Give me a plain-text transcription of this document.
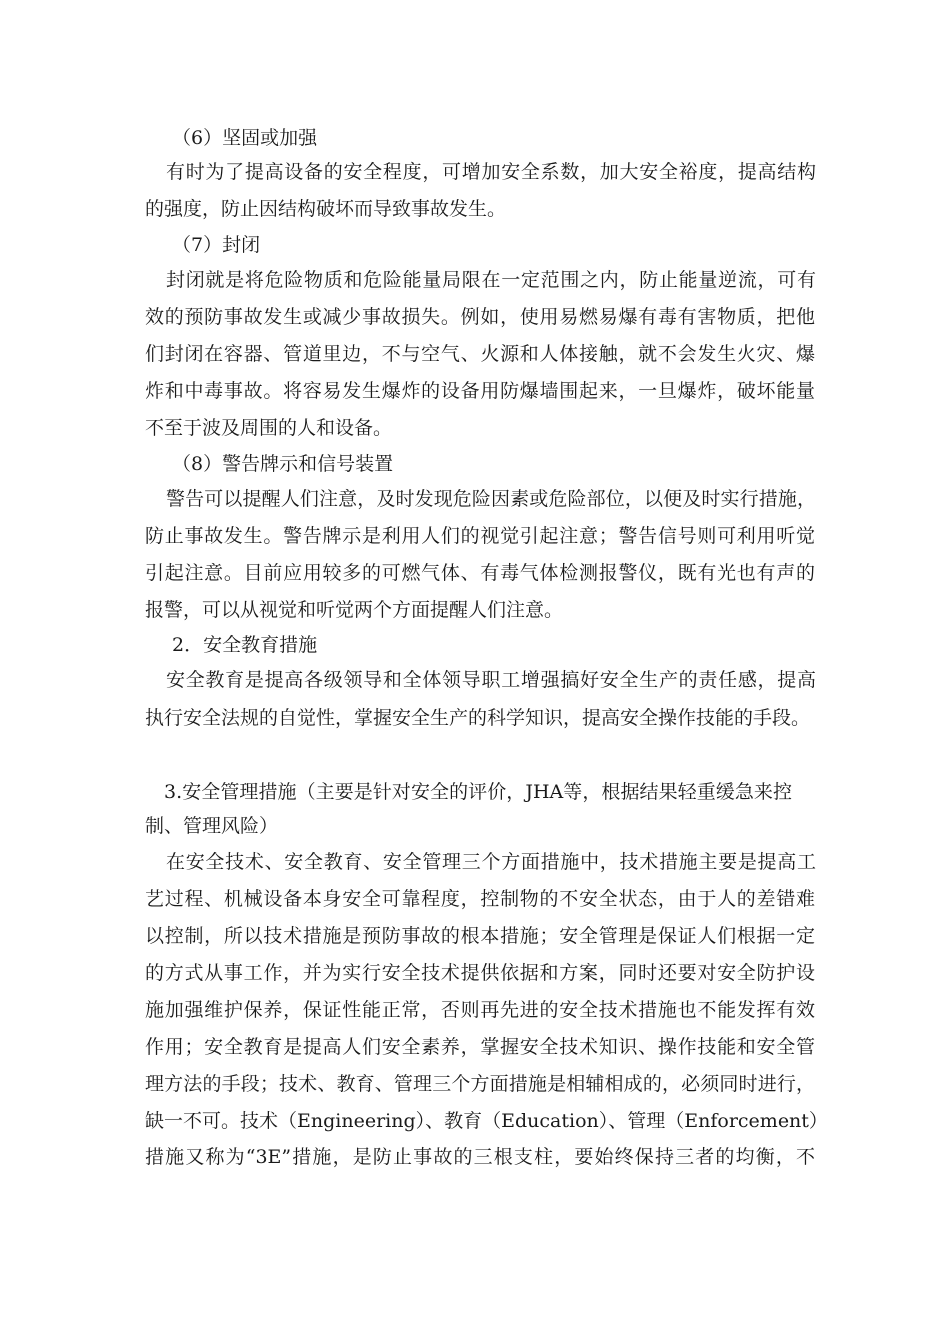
（6）坚固或加强
有时为了提高设备的安全程度，可增加安全系数，加大安全裕度，提高结构
的强度，防止因结构破坏而导致事故发生。
（7）封闭
封闭就是将危险物质和危险能量局限在一定范围之内，防止能量逆流，可有
效的预防事故发生或减少事故损失。例如，使用易燃易爆有毒有害物质，把他
们封闭在容器、管道里边，不与空气、火源和人体接触，就不会发生火灾、爆
炸和中毒事故。将容易发生爆炸的设备用防爆墙围起来，一旦爆炸，破坏能量
不至于波及周围的人和设备。
（8）警告牌示和信号装置
警告可以提醒人们注意，及时发现危险因素或危险部位，以便及时实行措施，
防止事故发生。警告牌示是利用人们的视觉引起注意；警告信号则可利用听觉
引起注意。目前应用较多的可燃气体、有毒气体检测报警仪，既有光也有声的
报警，可以从视觉和听觉两个方面提醒人们注意。
2．安全教育措施
安全教育是提高各级领导和全体领导职工增强搞好安全生产的责任感，提高
执行安全法规的自觉性，掌握安全生产的科学知识，提高安全操作技能的手段。
3.安全管理措施（主要是针对安全的评价，JHA等，根据结果轻重缓急来控
制、管理风险）
在安全技术、安全教育、安全管理三个方面措施中，技术措施主要是提高工
艺过程、机械设备本身安全可靠程度，控制物的不安全状态，由于人的差错难
以控制，所以技术措施是预防事故的根本措施；安全管理是保证人们根据一定
的方式从事工作，并为实行安全技术提供依据和方案，同时还要对安全防护设
施加强维护保养，保证性能正常，否则再先进的安全技术措施也不能发挥有效
作用；安全教育是提高人们安全素养，掌握安全技术知识、操作技能和安全管
理方法的手段；技术、教育、管理三个方面措施是相辅相成的，必须同时进行，
缺一不可。技术（Engineering）、教育（Education）、管理（Enforcement）
措施又称为“3E”措施，是防止事故的三根支柱，要始终保持三者的均衡，不
